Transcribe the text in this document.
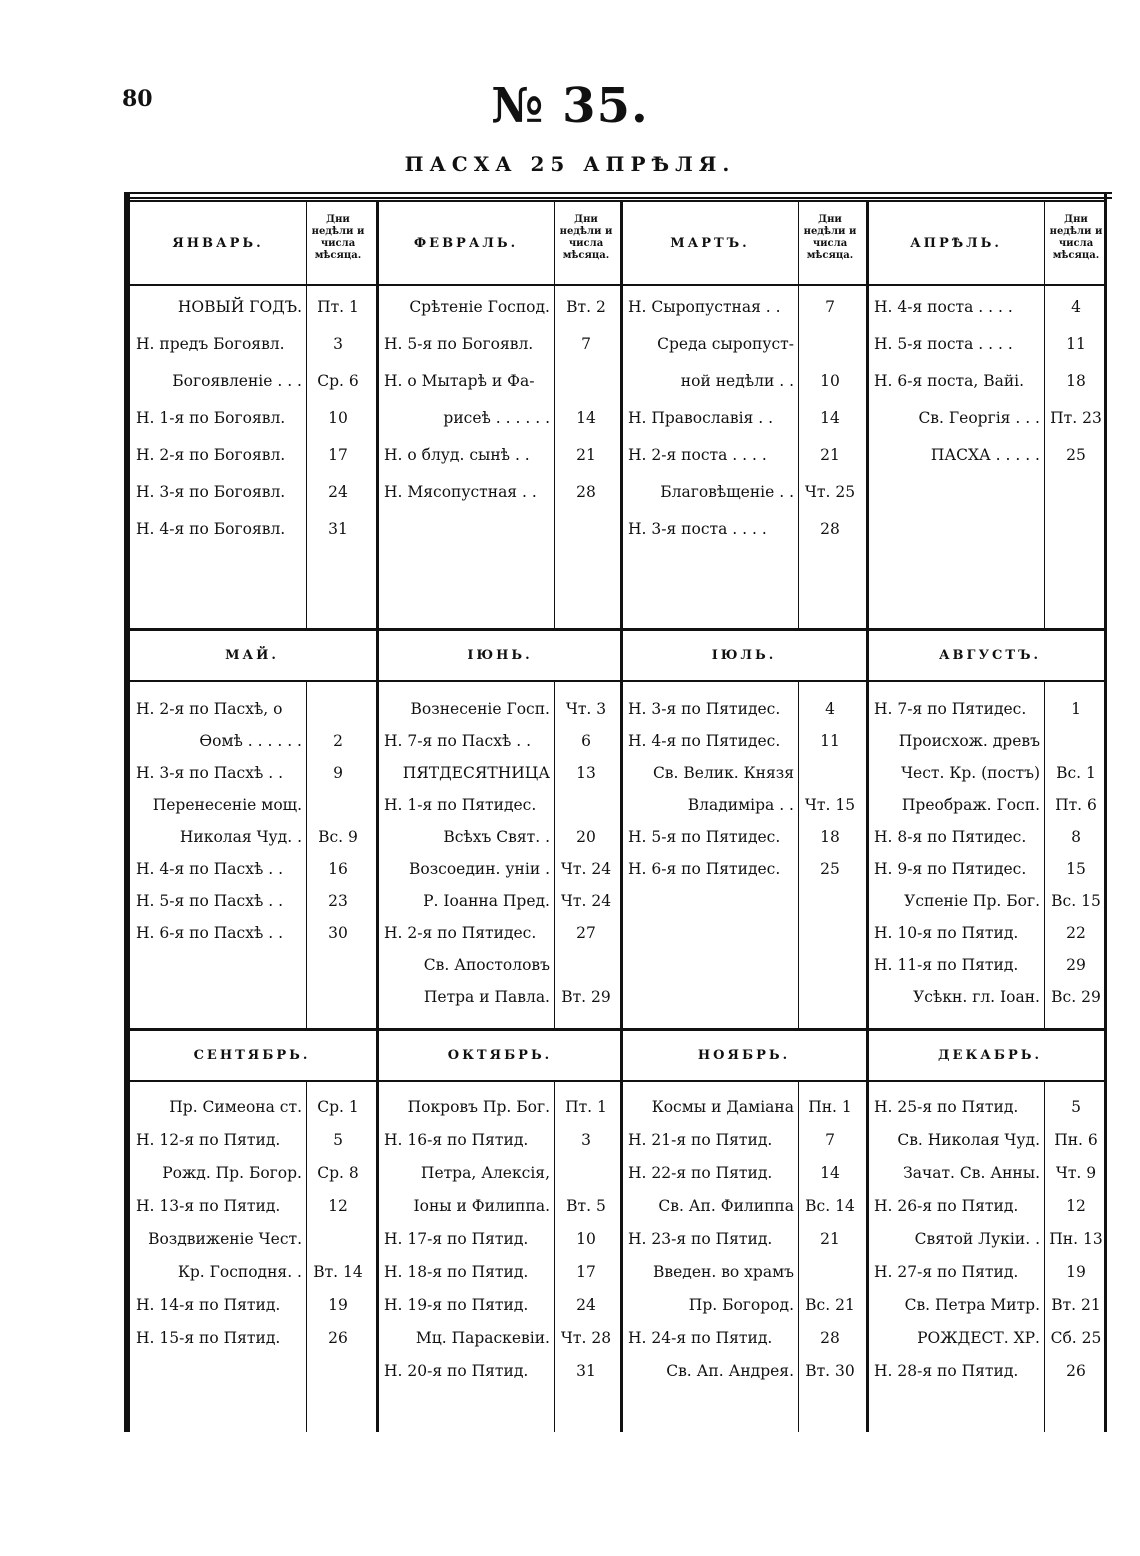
80	№ 35.
ПАСХА 25 АПРѢЛЯ.
ЯНВАРЬ.
Дни недѣли и числа мѣсяца.
НОВЫЙ ГОДЪ. Пт. 1
Н. предъ Богоявл.	3
Богоявленіе . . . Ср. 6
Н. 1-я по Богоявл.	10
Н. 2-я по Богоявл.	17
Н. 3-я по Богоявл.	24
Н. 4-я по Богоявл.	31
ФЕВРАЛЬ.
Дни недѣли и числа мѣсяца.
Срѣтеніе Господ.	Вт. 2
Н. 5-я по Богоявл.	7
Н. о Мытарѣ и Фа-
рисеѣ . . . . . .	14
Н. о блуд. сынѣ . .	21
Н. Мясопустная . .	28
МАРТЪ.
Дни недѣли и числа мѣсяца.
Н. Сыропустная . .	7
Среда сыропуст-
ной недѣли . .	10
Н. Православія . .	14
Н. 2-я поста . . . .	21
Благовѣщеніе . . Чт. 25
Н. 3-я поста . . . .	28
АПРѢЛЬ.
Дни недѣли и числа мѣсяца.
Н. 4-я поста . . . .	4
Н. 5-я поста . . . .	11
Н. 6-я поста, Вайі.	18
Св. Георгія . . . Пт. 23
ПАСХА . . . . .	25
МАЙ.
Н. 2-я по Пасхѣ, о
Ѳомѣ . . . . . .	2
Н. 3-я по Пасхѣ . .	9
Перенесеніе мощ.
Николая Чуд. .	Вс. 9
Н. 4-я по Пасхѣ . .	16
Н. 5-я по Пасхѣ . .	23
Н. 6-я по Пасхѣ . .	30
ІЮНЬ.
Вознесеніе Госп.	Чт. 3
Н. 7-я по Пасхѣ . .	6
ПЯТДЕСЯТНИЦА	13
Н. 1-я по Пятидес.
Всѣхъ Свят. .	20
Возсоедин. уніи . Чт. 24
Р. Іоанна Пред. Чт. 24
Н. 2-я по Пятидес.	27
Св. Апостоловъ
Петра и Павла. Вт. 29
ІЮЛЬ.
Н. 3-я по Пятидес.	4
Н. 4-я по Пятидес.	11
Св. Велик. Князя
Владиміра . . Чт. 15
Н. 5-я по Пятидес.	18
Н. 6-я по Пятидес.	25
АВГУСТЪ.
Н. 7-я по Пятидес.	1
Происхож. древъ
Чест. Кр. (постъ)	Вс. 1
Преображ. Госп. Пт. 6
Н. 8-я по Пятидес.	8
Н. 9-я по Пятидес.	15
Успеніе Пр. Бог. Вс. 15
Н. 10-я по Пятид.	22
Н. 11-я по Пятид.	29
Усѣкн. гл. Іоан. Вс. 29
СЕНТЯБРЬ.
Пр. Симеона ст. Ср. 1
Н. 12-я по Пятид.	5
Рожд. Пр. Богор. Ср. 8
Н. 13-я по Пятид.	12
Воздвиженіе Чест.
Кр. Господня. . Вт. 14
Н. 14-я по Пятид.	19
Н. 15-я по Пятид.	26
ОКТЯБРЬ.
Покровъ Пр. Бог. Пт. 1
Н. 16-я по Пятид.	3
Петра, Алексія,
Іоны и Филиппа.	Вт. 5
Н. 17-я по Пятид.	10
Н. 18-я по Пятид.	17
Н. 19-я по Пятид.	24
Мц. Параскевіи. Чт. 28
Н. 20-я по Пятид.	31
НОЯБРЬ.
Космы и Даміана Пн. 1
Н. 21-я по Пятид.	7
Н. 22-я по Пятид.	14
Св. Ап. Филиппа Вс. 14
Н. 23-я по Пятид.	21
Введен. во храмъ
Пр. Богород. Вс. 21
Н. 24-я по Пятид.	28
Св. Ап. Андрея. Вт. 30
ДЕКАБРЬ.
Н. 25-я по Пятид.	5
Св. Николая Чуд. Пн. 6
Зачат. Св. Анны.	Чт. 9
Н. 26-я по Пятид.	12
Святой Лукіи. . Пн. 13
Н. 27-я по Пятид.	19
Св. Петра Митр. Вт. 21
РОЖДЕСТ. ХР. Сб. 25
Н. 28-я по Пятид.	26
